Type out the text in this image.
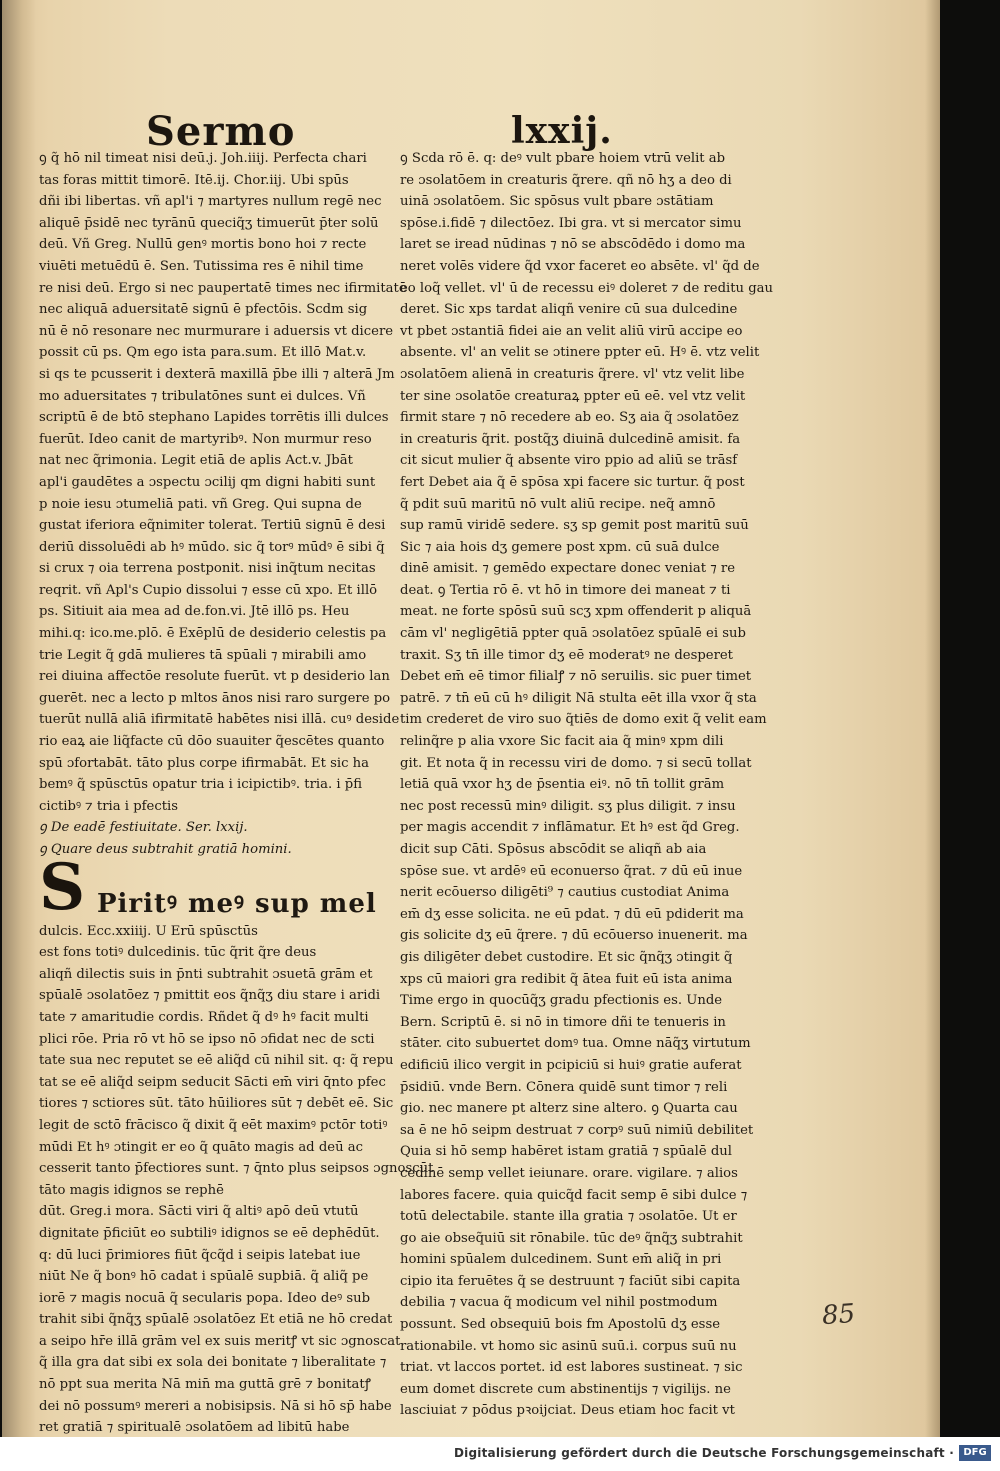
Sermo	lxxij.
ꝯ q̃ hō nil timeat nisi deū.j. Joh.iiij. Perfecta chari
tas foras mittit timorē. Itē.ij. Chor.iij. Ubi spūs
dñi ibi libertas. vñ apl'i ⁊ martyres nullum regē nec
aliquē p̄sidē nec tyrānū queciq̃ʒ timuerūt p̄ter solū
deū. Vñ Greg. Nullū genꝰ mortis bono hoi ⁊ recte
viuēti metuēdū ē. Sen. Tutissima res ē nihil time
re nisi deū. Ergo si nec paupertatē times nec ifirmitatē
nec aliquā aduersitatē signū ē pfectōis. Scdm sig
nū ē nō resonare nec murmurare i aduersis vt dicere
possit cū ps. Qm ego ista para.sum. Et illō Mat.v.
si qs te pcusserit i dexterā maxillā p̄be illi ⁊ alterā Jm
mo aduersitates ⁊ tribulatōnes sunt ei dulces. Vñ
scriptū ē de btō stephano Lapides torrētis illi dulces
fuerūt. Ideo canit de martyribꝰ. Non murmur reso
nat nec q̃rimonia. Legit etiā de aplis Act.v. Jbāt
apl'i gaudētes a ɔspectu ɔcilij qm digni habiti sunt
p noie iesu ɔtumeliā pati. vñ Greg. Qui supna de
gustat iferiora eq̃nimiter tolerat. Tertiū signū ē desi
deriū dissoluēdi ab hꝰ mūdo. sic q̃ torꝰ mūdꝰ ē sibi q̃
si crux ⁊ oia terrena postponit. nisi inq̃tum necitas
reqrit. vñ Apl's Cupio dissolui ⁊ esse cū xpo. Et illō
ps. Sitiuit aia mea ad de.fon.vi. Jtē illō ps. Heu
mihi.q: ico.me.plō. ē Exēplū de desiderio celestis pa
trie Legit q̃ gdā mulieres tā spūali ⁊ mirabili amo
rei diuina affectōe resolute fuerūt. vt p desiderio lan
guerēt. nec a lecto p mltos ānos nisi raro surgere po
tuerūt nullā aliā ifirmitatē habētes nisi illā. cuꝰ deside
rio eaꝝ aie liq̃facte cū dōo suauiter q̃escētes quanto
spū ɔfortabāt. tāto plus corpe ifirmabāt. Et sic ha
bemꝰ q̃ spūsctūs opatur tria i icipictibꝰ. tria. i p̄fi
cictibꝰ ⁊ tria i pfectis
ꝯ De eadē festiuitate. Ser. lxxij.
ꝯ Quare deus subtrahit gratiā homini.
S Piritꝰ meꝰ sup mel
dulcis. Ecc.xxiiij. U Erū spūsctūs
est fons totiꝰ dulcedinis. tūc q̃rit q̃re deus
aliqñ dilectis suis in p̄nti subtrahit ɔsuetā grām et
spūalē ɔsolatōez ⁊ pmittit eos q̃nq̃ʒ diu stare i aridi
tate ⁊ amaritudie cordis. Rñdet q̃ dꝰ hꝰ facit multi
plici rōe. Pria rō vt hō se ipso nō ɔfidat nec de scti
tate sua nec reputet se eē aliq̃d cū nihil sit. q: q̃ repu
tat se eē aliq̃d seipm seducit Sācti em̄ viri q̄nto pfec
tiores ⁊ sctiores sūt. tāto hūiliores sūt ⁊ debēt eē. Sic
legit de sctō frācisco q̃ dixit q̃ eēt maximꝰ pctōr totiꝰ
mūdi Et hꝰ ɔtingit er eo q̃ quāto magis ad deū ac
cesserit tanto p̄fectiores sunt. ⁊ q̄nto plus seipsos ɔgnoscūt
tāto magis idignos se rephē
dūt. Greg.i mora. Sācti viri q̃ altiꝰ apō deū vtutū
dignitate p̄ficiūt eo subtiliꝰ idignos se eē dephēdūt.
q: dū luci p̄rimiores fiūt q̃cq̃d i seipis latebat iue
niūt Ne q̃ bonꝰ hō cadat i spūalē supbiā. q̃ aliq̃ pe
iorē ⁊ magis nocuā q̃ secularis popa. Ideo deꝰ sub
trahit sibi q̃nq̃ʒ spūalē ɔsolatōez Et etiā ne hō credat
a seipo hr̄e illā grām vel ex suis meritꝭ vt sic ɔgnoscat
q̃ illa gra dat sibi ex sola dei bonitate ⁊ liberalitate ⁊
nō ppt sua merita Nā min̄ ma guttā grē ⁊ bonitatꝭ
dei nō possumꝰ mereri a nobisipsis. Nā si hō sp̄ habe
ret gratiā ⁊ spiritualē ɔsolatōem ad libitū habe
ꝯ Scda rō ē. q: deꝰ vult pbare hoiem vtrū velit ab
re ɔsolatōem in creaturis q̃rere. qñ nō hʒ a deo di
uinā ɔsolatōem. Sic spōsus vult pbare ɔstātiam
spōse.i.fidē ⁊ dilectōez. Ibi gra. vt si mercator simu
laret se iread nūdinas ⁊ nō se abscōdēdo i domo ma
neret volēs videre q̃d vxor faceret eo absēte. vl' q̃d de
eo loq̃ vellet. vl' ū de recessu eiꝰ doleret ⁊ de reditu gau
deret. Sic xps tardat aliqñ venire cū sua dulcedine
vt pbet ɔstantiā fidei aie an velit aliū virū accipe eo
absente. vl' an velit se ɔtinere ppter eū. Hꝰ ē. vtz velit
ɔsolatōem alienā in creaturis q̃rere. vl' vtz velit libe
ter sine ɔsolatōe creaturaꝝ ppter eū eē. vel vtz velit
firmit stare ⁊ nō recedere ab eo. Sʒ aia q̃ ɔsolatōez
in creaturis q̃rit. postq̃ʒ diuinā dulcedinē amisit. fa
cit sicut mulier q̃ absente viro ppio ad aliū se trāsf
fert Debet aia q̃ ē spōsa xpi facere sic turtur. q̃ post
q̃ pdit suū maritū nō vult aliū recipe. neq̃ amnō
sup ramū viridē sedere. sʒ sp gemit post maritū suū
Sic ⁊ aia hois dʒ gemere post xpm. cū suā dulce
dinē amisit. ⁊ gemēdo expectare donec veniat ⁊ re
deat. ꝯ Tertia rō ē. vt hō in timore dei maneat ⁊ ti
meat. ne forte spōsū suū scʒ xpm offenderit p aliquā
cām vl' negligētiā ppter quā ɔsolatōez spūalē ei sub
traxit. Sʒ tn̄ ille timor dʒ eē moderatꝰ ne desperet
Debet em̄ eē timor filialꝭ ⁊ nō seruilis. sic puer timet
patrē. ⁊ tn̄ eū cū hꝰ diligit Nā stulta eēt illa vxor q̃ sta
tim crederet de viro suo q̃tiēs de domo exit q̃ velit eam
relinq̃re p alia vxore Sic facit aia q̃ minꝰ xpm dili
git. Et nota q̃ in recessu viri de domo. ⁊ si secū tollat
letiā quā vxor hʒ de p̄sentia eiꝰ. nō tn̄ tollit grām
nec post recessū minꝰ diligit. sʒ plus diligit. ⁊ insu
per magis accendit ⁊ inflāmatur. Et hꝰ est q̃d Greg.
dicit sup Cāti. Spōsus abscōdit se aliqñ ab aia
spōse sue. vt ardēꝰ eū econuerso q̃rat. ⁊ dū eū inue
nerit ecōuerso diligēti⁹ ⁊ cautius custodiat Anima
em̄ dʒ esse solicita. ne eū pdat. ⁊ dū eū pdiderit ma
gis solicite dʒ eū q̃rere. ⁊ dū ecōuerso inuenerit. ma
gis diligēter debet custodire. Et sic q̃nq̃ʒ ɔtingit q̃
xps cū maiori gra redibit q̃ ātea fuit eū ista anima
Time ergo in quocūq̃ʒ gradu pfectionis es. Unde
Bern. Scriptū ē. si nō in timore dñi te tenueris in
stāter. cito subuertet domꝰ tua. Omne nāq̃ʒ virtutum
edificiū ilico vergit in pcipiciū si huiꝰ gratie auferat
p̄sidiū. vnde Bern. Cōnera quidē sunt timor ⁊ reli
gio. nec manere pt alterz sine altero. ꝯ Quarta cau
sa ē ne hō seipm destruat ⁊ corpꝰ suū nimiū debilitet
Quia si hō semp habēret istam gratiā ⁊ spūalē dul
cedinē semp vellet ieiunare. orare. vigilare. ⁊ alios
labores facere. quia quicq̃d facit semp ē sibi dulce ⁊
totū delectabile. stante illa gratia ⁊ ɔsolatōe. Ut er
go aie obseq̃uiū sit rōnabile. tūc deꝰ q̃nq̃ʒ subtrahit
homini spūalem dulcedinem. Sunt em̄ aliq̃ in pri
cipio ita feruētes q̃ se destruunt ⁊ faciūt sibi capita
debilia ⁊ vacua q̃ modicum vel nihil postmodum
possunt. Sed obsequiū bois fm Apostolū dʒ esse
rationabile. vt homo sic asinū suū.i. corpus suū nu
triat. vt laccos portet. id est labores sustineat. ⁊ sic
eum domet discrete cum abstinentijs ⁊ vigilijs. ne
lasciuiat ⁊ pōdus pꝛoijciat. Deus etiam hoc facit vt
85
Digitalisierung gefördert durch die Deutsche Forschungsgemeinschaft · DFG
